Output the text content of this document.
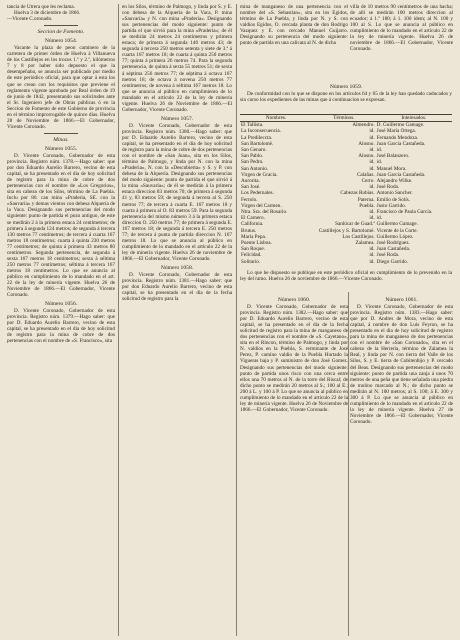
tancia de Utrera que les reclama.

Huelva 3 de diciembre de 1866.

—Vicente C.oronado.

Seccion de Fomento.
Número 1054.

Vacante la plaza de peon caminero de la carretera de primer órden de Huelva á Villanueva de los Castillejos en los trozos 1.º y 2.º, kilómetros 7 y 8 por haber sido depuesto el que la desempeñaba, se anuncia ser publicado por medio de este periódico oficial, para que optar á esta los que se crean con los requisitos que previene el reglamento vigente aprobado por Real órden de 19 de junio de 1842, presentando sus solicitudes ante el Sr. Ingeniero jefe de Obras públicas ó en la Seccion de Fomento de este Gobierno de provincia en el término improrrogable de quince días. Huelva 28 de Noviembre de 1866.—El Gobernador, Vicente Coronado.

Minas.
Número 1055.

D. Vicente Coronado, Gobernador de esta provincia. Registro núm. 1378.—Hago saber: que por don Eduardo Aurelio Barrero, vecino de esta capital, se ha presentado en el dia de hoy solicitud de registro para la mina de cobre de dos pertenencias con el nombre de «Los Gregorios», sita en cabezo de los Silos, término de La Puebla. Inclu por 80. can mina «Praderia, SE. con la «Sauvaría» y demas vientos con dehesa Alquería de la Vaca. Designando sus pertenencias del modo siguiente: punto de partida el pozo antiguo, de este se medirán 2 á la primera estaca 24 centímetros; de primera á segunda 124 metros; de segunda á tercera 130 metros 77 centímetros; de tercera á cuarta 167 metros 18 centímetros; cuarta á quinta 230 metros 77 centímetros; de quinta á primera 43 metros 80 centímetros. Segunda pertenencia, de segunda á sexta 167 metros 18 centímetros; sexta á séltima 250 metros 77 centímetros; séltima á tercera 167 metros 18 centímetros. Lo que se anuncia al público en cumplimiento de lo mandado en el art. 22 de la ley de minería vigente. Huelva 26 de Noviembre de 1866.—El Gobernador, Vicente Coronado.

Número 1056.

D. Vicente Coronado, Gobernador de esta provincia. Registro núm. 1379.—Hago saber: que por D. Eduardo Aurelio Barrero, vecino de esta capital, se ha presentado en el dia de hoy solicitud de registro para la mina de cobre de dos pertenencias con el nombre de «S. Francisco», sita

en los Silos, término de Palmogo, y linda por S. y E. con dehesa de la Alquería de la Vaca, P. mina «Sauvaría» y N. con mina «Praderia». Designando sus pertenencias del modo siguiente: punto de partida el que sirvió para la mina «Praderia»; de él se medirán 24 metros 24 centímetros y primera estaca; de primera á segunda 140 metros 43; de segunda á tercera 250 metros setenta y siete de 3.ª á cuarta 167 metros 18; de cuarta á quinta 250 metros 77; quinta á primera 26 metros 74. Para la segunda pertenencia, de quinta á sexta 55 metros 51; de sexta á séptima 256 metros 77; de séptima á octava 167 metros 18; de octava á novena 250 metros 77 centímetros; de novena á séltima 167 metros 18. Lo que se anuncia al público en cumplimiento de lo mandado en el artículo 22 de la ley de minería vigente. Huelva 26 de Noviembre de 1866.—El Gobernador, Vicente Coronado.

Número 1057.

D. Vicente Coronado, Gobernador de esta provincia. Registro núm. 1380.—Hago saber: que por D. Eduardo Aurelio Barrero, vecino de esta capital, se ha presentado en el dia de hoy solicitud de registro para la mina de cobre de dos pertenencias con el nombre de «San Juan», sita en los Silos, término de Palmogo, y linda por N. con la mina «Praderia», N. con la «Descubierta» y S. y P. con dehesa de la Alquería. Designando sus pertenencias del modo siguiente: punto de partida el que sirvió á la mina «Sauvaría»; de él se medirán á la primera estaca direccion 83 metros 70; de primera á segunda 41 y, 83 metros 59; de segunda á tercera al S. 250 metros 77; de tercera á cuarta E. 167 metros 18 y cuarta á primera al O. 83 metros 59. Para la segunda pertenencia del mismo número 3 á la primera estaca direccion O. 250 metros 77; de primera á segunda E. 167 metros 18; de segunda á tercera E. 250 metros 77; de tercera á punta de partida direccion N. 167 metros 18. Lo que se anuncia al público en cumplimiento de lo mandado en el artículo 22 de la ley de minería vigente. Huelva 26 de noviembre de 1866.—El Gobernador, Vicente Coronado.

Número 1058.

D. Vicente Coronado, Gobernador de esta provincia. Registro núm. 1381.—Hago saber: que por don Eduardo Aurelio Barrero, vecino de esta capital, se ha presentado en el dia de la fecha solicitud de registro para la

mina de manganeso de una pertenencia con el nombre del «S. Sebastian», sita en los Egidos, término de La Puebla, y linda por N. y S. con valdios Egidos, O. cercada planta de don Rodrigo Vazquez y E. con cercado Manuel Guijarro. Designando su pertenencia del modo siguiente: punto de partida en una calicata al N. de dicha

villa de 10 metros 90 centímetros de una hacha; de allí se medirán 100 metros direccion al ecuador; á 1.º 180; á 1. 100 idem; al N. 100 y 100 al S. Lo que se anuncia al público en cumplimiento de lo mandado en el artículo 22 de la ley de minería vigente. Huelva 26 de noviembre de 1866.—El Gobernador, Vicente Coronado.

Número 1059.

De conformidad con lo que se dispone en los artículos 64 y 65 de la ley han quedado caducados y sin curso los expedientes de las minas que á continuacion se expresan.

Nombres.	Términos.	Interesados.
El Tallista.	Almendro.	D. Guillermo Gamage.
La Inconsecuencia.	id.	José María Ortega.
La Predileccta.	id.	Fernando Mendoza.
San Bartolomé.	Alosno.	Juan García Castañeda.
San Genaro.	id.	id.
San Pablo.	Alosno.	José Balanzero.
San Pedro.	id.	id.
San Antonio.	id.	Manuel Mora.
Virgen de Gracia.	Calañas.	Juan García Castañeda.
Aurorita.	Cerro.	Alejandro Wilke.
San José.	id.	José Roda.
Los Pedernales.	Cabezas Rubias.	Antonio Sancher.
Ferrolo.	Paterna.	Emilio de Solís.
Virgen del Carmen.	Puebla.	Justo Garrido.
Ntra. Sra. del Rosario.	id.	Francisco de Paula García.
El Carnero.	id.	id.
California.	Sanlúcar de Guad.ª	Guillermo Gamage.
Brutus.	Castillejos y S. Bartolomé.	Vicente de la Corte.
María Pepa.	Los Castillejos.	Guillermo López.
Puente Lisboa.	Zalamea.	José Rodríguez.
San Roque.	id.	Juan Castañeda.
Felicidad.	id.	José Roda.
Solitario.	id.	Diego Garrido.

Lo que he dispuesto se publique en este periódico oficial en cumplimiento de lo prevenido en la ley del ramo. Huelva 26 de noviembre de 1866.—Vicente Coronado.

Número 1060.

D. Vicente Coronado, Gobernador de esta provincia. Registro núm. 1382.—Hago saber: que por D. Eduardo Aurelio Barrero, vecino de esta capital, se ha presentado en el dia de la fecha solicitud de registro para la mina de manganeso de dos pertenencias con el nombre de «S. Cayetano», sita en el Rincon, término de Palmogo, y linda por N. valdíos en la Puebla, S. terminante de José Perez, P. camino valdío de la Puebla Hurtado la Vigueras baja y P. suministro de don José Gomez. Designando sus pertenencias del modo siguiente: punto de partida unos risco con una cerca entre ellos una 70 metros al N. de la torre del Riscal; de dicho punto se medirán 20 metros al S.; 100 al E.; 200 á L. y 100 á P. Lo que se anuncia al público en cumplimiento de lo mandado en el artículo 22 de la ley de minería vigente. Huelva 26 de Noviembre de 1866.—El Gobernador, Vicente Coronado.

Número 1061.

D. Vicente Coronado, Gobernador de esta provincia. Registro núm. 1383.—Hago saber: que por D. Andres de Mora, vecino de esta capital, á nombre de don Luis Feyron, se ha presentado en el dia de hoy solicitud de registro para la mina de manganeso de dos pertenencias con el nombre de «San Coronado», sita en el cabezo de la Herreria, término de Zalamea la Real, y linda por N. con tierra del Valle de los Silos, S. y E. tierra de Cubitenbijo y P. cercado del Beas. Designando sus pertenencias del modo siguiente: punto de partida una zanja á unos 70 metros de una peña que tiene señalada una piedra de molino marcado al N.; de dicho punto se medirán al N. 100 metros; al S. 100; á E. 300 y 300 á P. Lo que se anuncia al público en cumplimiento de lo mandado en el artículo 22 de la ley de minería vigente. Huelva 27 de Noviembre de 1866.—El Gobernador, Vicente Coronado.
